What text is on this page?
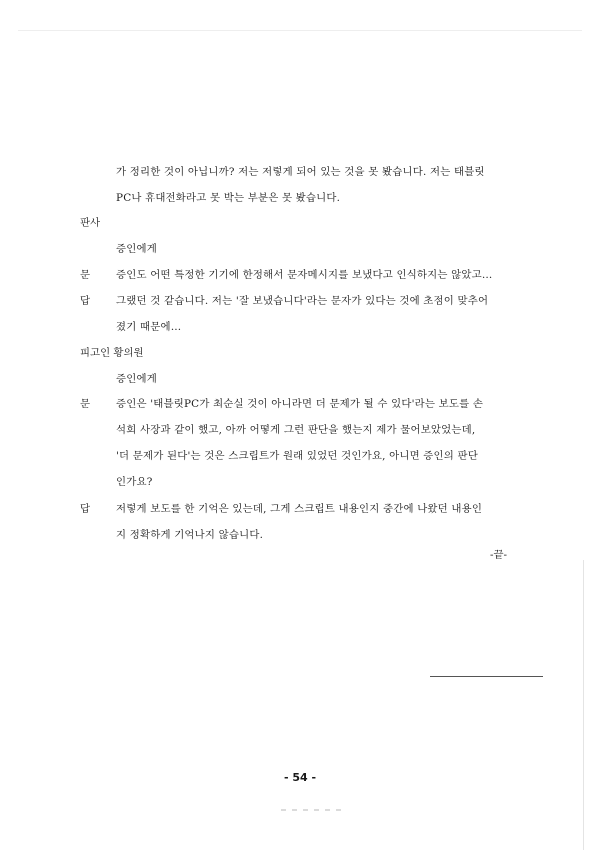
가 정리한 것이 아닙니까? 저는 저렇게 되어 있는 것을 못 봤습니다. 저는 태블릿
PC나 휴대전화라고 못 박는 부분은 못 봤습니다.
판사
증인에게
문 증인도 어떤 특정한 기기에 한정해서 문자메시지를 보냈다고 인식하지는 않았고…
답 그랬던 것 같습니다. 저는 '잘 보냈습니다'라는 문자가 있다는 것에 초점이 맞추어
졌기 때문에…
피고인 황의원
증인에게
문 증인은 '태블릿PC가 최순실 것이 아니라면 더 문제가 될 수 있다'라는 보도를 손
석희 사장과 같이 했고, 아까 어떻게 그런 판단을 했는지 제가 물어보았었는데,
'더 문제가 된다'는 것은 스크립트가 원래 있었던 것인가요, 아니면 증인의 판단
인가요?
답 저렇게 보도를 한 기억은 있는데, 그게 스크립트 내용인지 중간에 나왔던 내용인
지 정확하게 기억나지 않습니다.
-끝-
- 54 -
